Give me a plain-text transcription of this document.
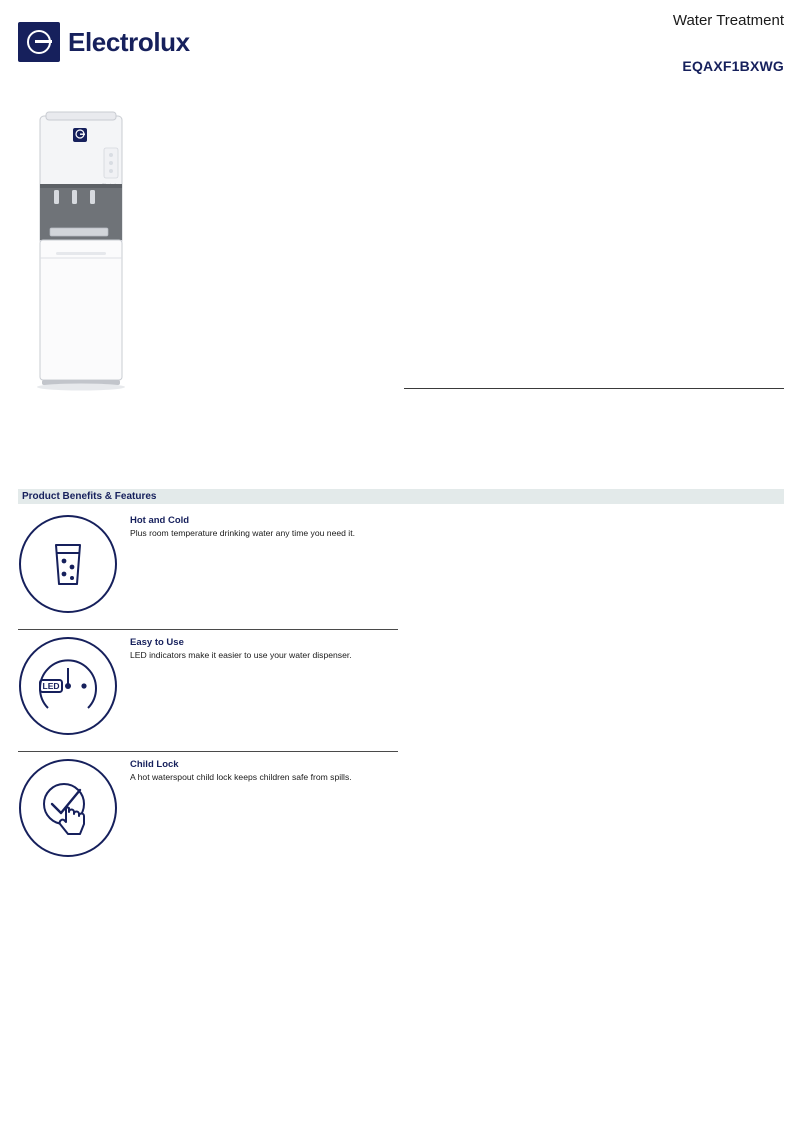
Electrolux
Water Treatment
EQAXF1BXWG
Product Benefits & Features

Hot and Cold

Plus room temperature drinking water any time you need it.

LED

Easy to Use

LED indicators make it easier to use your water dispenser.

Child Lock

A hot waterspout child lock keeps children safe from spills.
